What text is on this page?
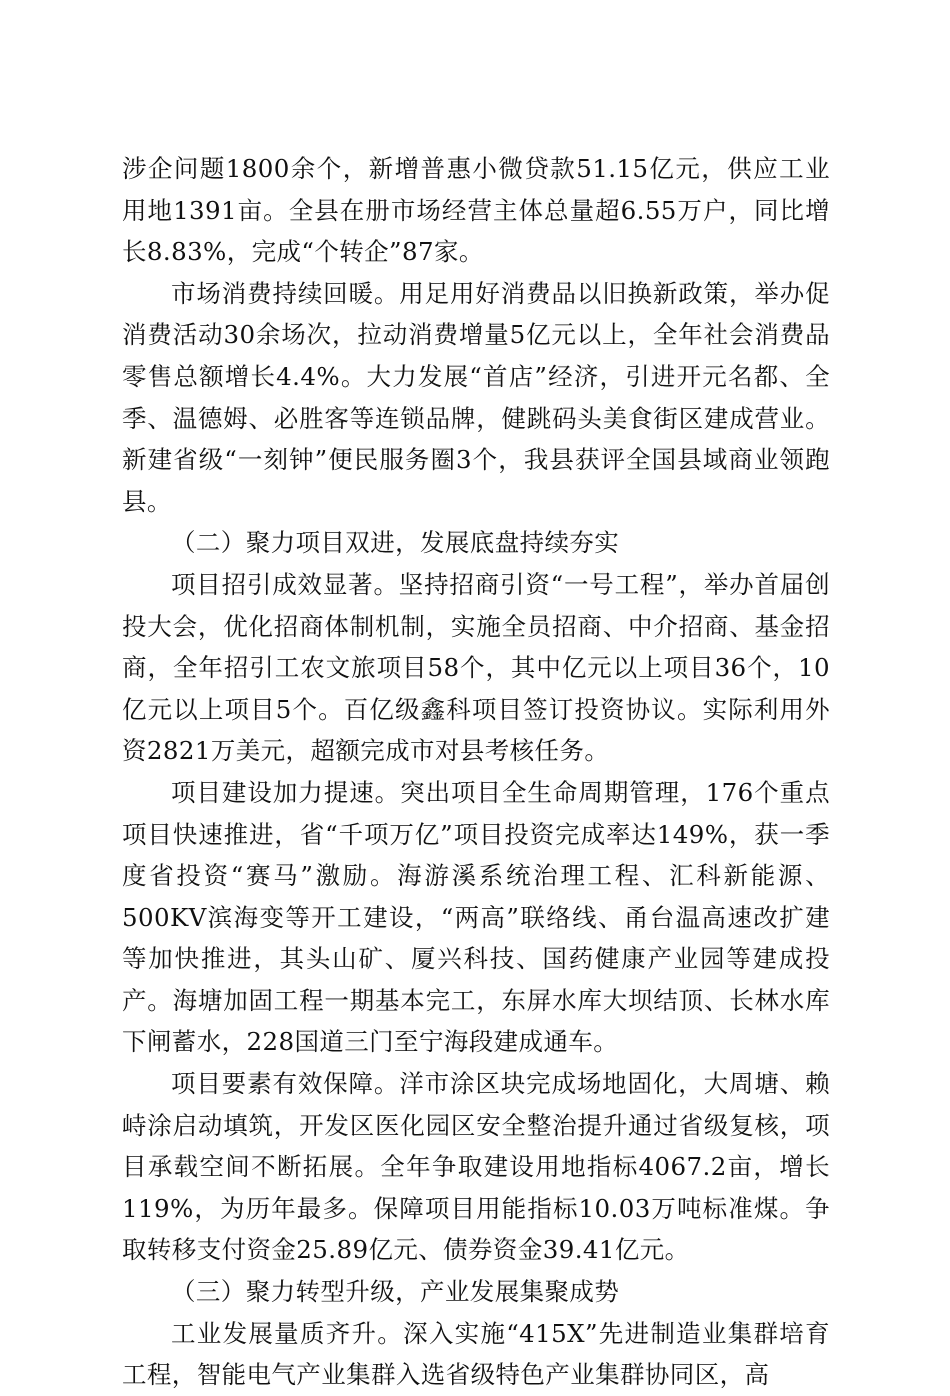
涉企问题1800余个，新增普惠小微贷款51.15亿元，供应工业用地1391亩。全县在册市场经营主体总量超6.55万户，同比增长8.83%，完成“个转企”87家。

市场消费持续回暖。用足用好消费品以旧换新政策，举办促消费活动30余场次，拉动消费增量5亿元以上，全年社会消费品零售总额增长4.4%。大力发展“首店”经济，引进开元名都、全季、温德姆、必胜客等连锁品牌，健跳码头美食街区建成营业。新建省级“一刻钟”便民服务圈3个，我县获评全国县域商业领跑县。

（二）聚力项目双进，发展底盘持续夯实

项目招引成效显著。坚持招商引资“一号工程”，举办首届创投大会，优化招商体制机制，实施全员招商、中介招商、基金招商，全年招引工农文旅项目58个，其中亿元以上项目36个，10亿元以上项目5个。百亿级鑫科项目签订投资协议。实际利用外资2821万美元，超额完成市对县考核任务。

项目建设加力提速。突出项目全生命周期管理，176个重点项目快速推进，省“千项万亿”项目投资完成率达149%，获一季度省投资“赛马”激励。海游溪系统治理工程、汇科新能源、500KV滨海变等开工建设，“两高”联络线、甬台温高速改扩建等加快推进，其头山矿、厦兴科技、国药健康产业园等建成投产。海塘加固工程一期基本完工，东屏水库大坝结顶、长林水库下闸蓄水，228国道三门至宁海段建成通车。

项目要素有效保障。洋市涂区块完成场地固化，大周塘、赖峙涂启动填筑，开发区医化园区安全整治提升通过省级复核，项目承载空间不断拓展。全年争取建设用地指标4067.2亩，增长119%，为历年最多。保障项目用能指标10.03万吨标准煤。争取转移支付资金25.89亿元、债券资金39.41亿元。

（三）聚力转型升级，产业发展集聚成势

工业发展量质齐升。深入实施“415X”先进制造业集群培育工程，智能电气产业集群入选省级特色产业集群协同区，高
